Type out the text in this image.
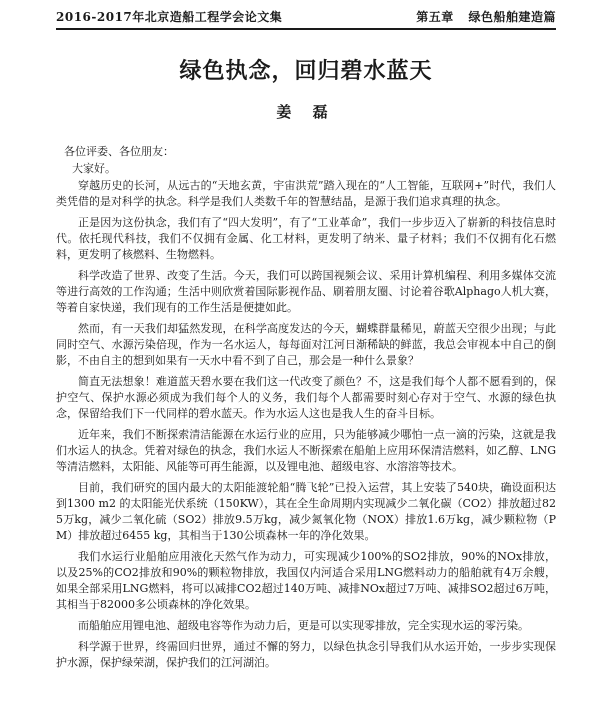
2016-2017年北京造船工程学会论文集	第五章 绿色船舶建造篇
绿色执念，回归碧水蓝天
姜 磊

各位评委、各位朋友：

大家好。

穿越历史的长河，从远古的“天地玄黄，宇宙洪荒”踏入现在的“人工智能，互联网+”时代，我们人类凭借的是对科学的执念。科学是我们人类数千年的智慧结晶，是源于我们追求真理的执念。

正是因为这份执念，我们有了“四大发明”，有了“工业革命”，我们一步步迈入了崭新的科技信息时代。依托现代科技，我们不仅拥有金属、化工材料，更发明了纳米、量子材料；我们不仅拥有化石燃料，更发明了核燃料、生物燃料。

科学改造了世界、改变了生活。今天，我们可以跨国视频会议、采用计算机编程、利用多媒体交流等进行高效的工作沟通；生活中则欣赏着国际影视作品、刷着朋友圈、讨论着谷歌Alphago人机大赛，等着自家快递，我们现有的工作生活是便捷如此。

然而，有一天我们却猛然发现，在科学高度发达的今天，蝴蝶群量稀见，蔚蓝天空很少出现；与此同时空气、水源污染倍现，作为一名水运人，每每面对江河日渐稀缺的鲜蓝，我总会审视本中自己的倒影，不由自主的想到如果有一天水中看不到了自己，那会是一种什么景象？

简直无法想象！难道蓝天碧水要在我们这一代改变了颜色？不，这是我们每个人都不愿看到的，保护空气、保护水源必须成为我们每个人的义务，我们每个人都需要时刻心存对于空气、水源的绿色执念，保留给我们下一代同样的碧水蓝天。作为水运人这也是我人生的奋斗目标。

近年来，我们不断探索清洁能源在水运行业的应用，只为能够减少哪怕一点一滴的污染，这就是我们水运人的执念。凭着对绿色的执念，我们水运人不断探索在船舶上应用环保清洁燃料，如乙醇、LNG等清洁燃料，太阳能、风能等可再生能源，以及锂电池、超级电容、水溶溶等技术。

目前，我们研究的国内最大的太阳能渡轮船“腾飞轮”已投入运营，其上安装了540块，确设面积达到1300 m2 的太阳能光伏系统（150KW），其在全生命周期内实现减少二氧化碳（CO2）排放超过825万kg，减少二氧化硫（SO2）排放9.5万kg，减少氮氧化物（NOX）排放1.6万kg，减少颗粒物（PM）排放超过6455 kg，其相当于130公顷森林一年的净化效果。

我们水运行业船舶应用液化天然气作为动力，可实现减少100%的SO2排放，90%的NOx排放，以及25%的CO2排放和90%的颗粒物排放，我国仅内河适合采用LNG燃料动力的船舶就有4万余艘，如果全部采用LNG燃料，将可以减排CO2超过140万吨、减排NOx超过7万吨、减排SO2超过6万吨，其相当于82000多公顷森林的净化效果。

而船舶应用锂电池、超级电容等作为动力后，更是可以实现零排放，完全实现水运的零污染。

科学源于世界，终需回归世界，通过不懈的努力，以绿色执念引导我们从水运开始，一步步实现保护水源，保护绿荣湖，保护我们的江河湖泊。
